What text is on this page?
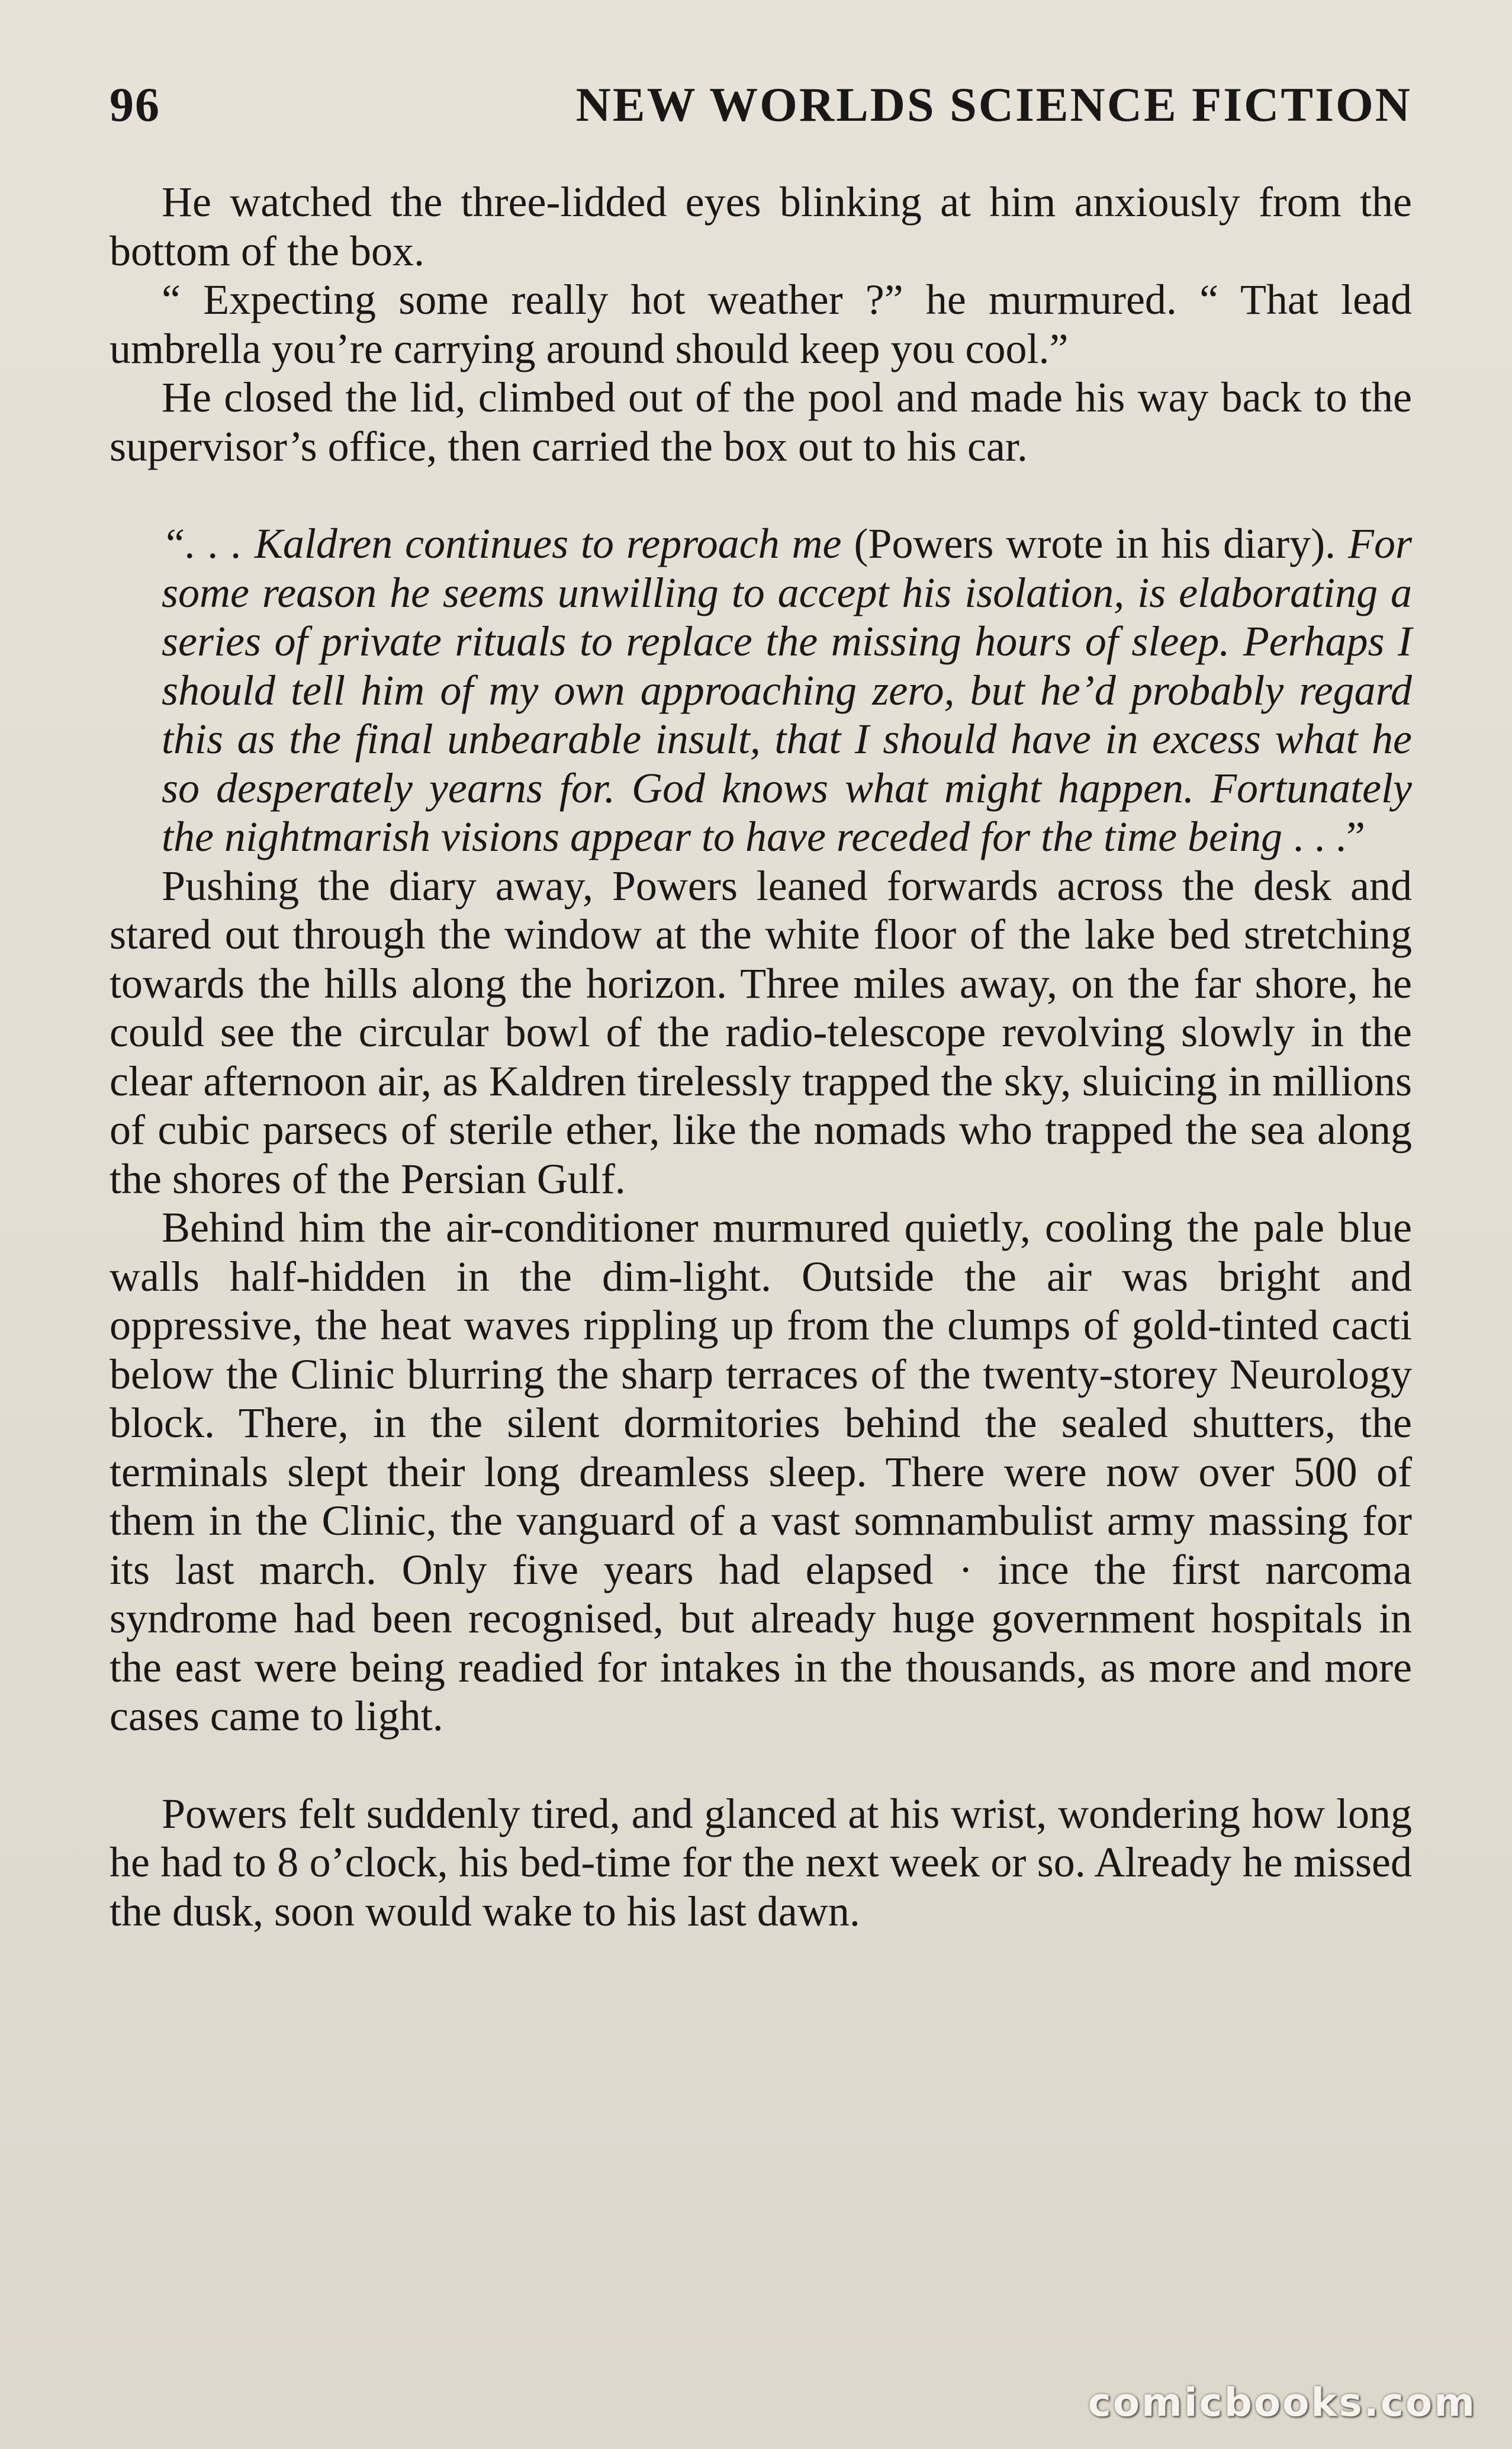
96	NEW WORLDS SCIENCE FICTION

He watched the three-lidded eyes blinking at him anxiously from the bottom of the box.

“ Expecting some really hot weather ?” he murmured. “ That lead umbrella you’re carrying around should keep you cool.”

He closed the lid, climbed out of the pool and made his way back to the supervisor’s office, then carried the box out to his car.

“. . . Kaldren continues to reproach me (Powers wrote in his diary). For some reason he seems unwilling to accept his isolation, is elaborating a series of private rituals to replace the missing hours of sleep. Perhaps I should tell him of my own approaching zero, but he’d probably regard this as the final unbearable insult, that I should have in excess what he so desperately yearns for. God knows what might happen. Fortunately the nightmarish visions appear to have receded for the time being . . .”

Pushing the diary away, Powers leaned forwards across the desk and stared out through the window at the white floor of the lake bed stretching towards the hills along the horizon. Three miles away, on the far shore, he could see the circular bowl of the radio-telescope revolving slowly in the clear afternoon air, as Kaldren tirelessly trapped the sky, sluicing in millions of cubic parsecs of sterile ether, like the nomads who trapped the sea along the shores of the Persian Gulf.

Behind him the air-conditioner murmured quietly, cooling the pale blue walls half-hidden in the dim-light. Outside the air was bright and oppressive, the heat waves rippling up from the clumps of gold-tinted cacti below the Clinic blurring the sharp terraces of the twenty-storey Neurology block. There, in the silent dormitories behind the sealed shutters, the terminals slept their long dreamless sleep. There were now over 500 of them in the Clinic, the vanguard of a vast somnambulist army massing for its last march. Only five years had elapsed · ince the first narcoma syndrome had been recognised, but already huge government hospitals in the east were being readied for intakes in the thousands, as more and more cases came to light.

Powers felt suddenly tired, and glanced at his wrist, wondering how long he had to 8 o’clock, his bed-time for the next week or so. Already he missed the dusk, soon would wake to his last dawn.

comicbooks.com
